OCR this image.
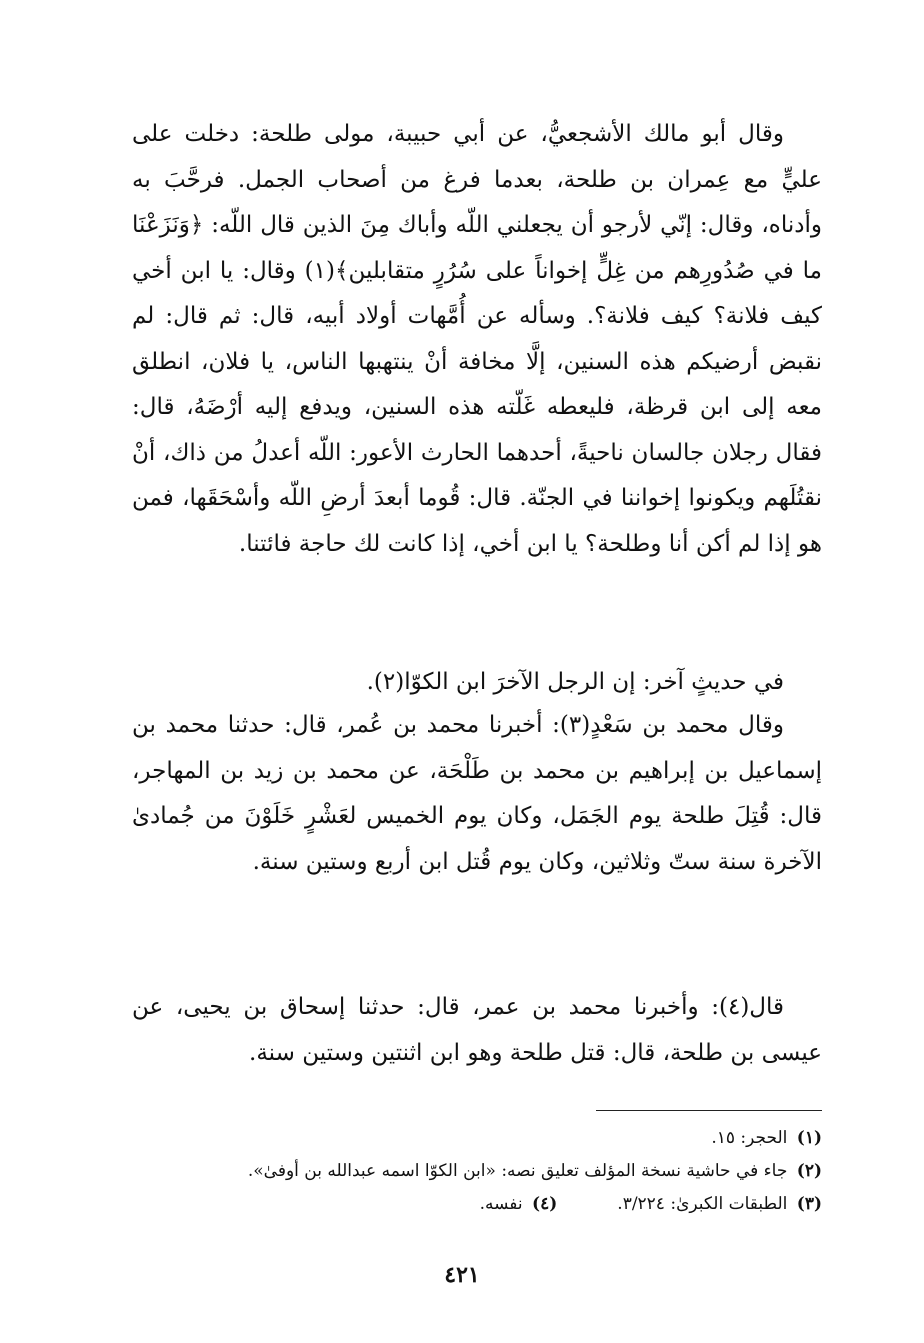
وقال أبو مالك الأشجعيُّ، عن أبي حبيبة، مولى طلحة: دخلت على عليٍّ مع عِمران بن طلحة، بعدما فرغ من أصحاب الجمل. فرحَّبَ به وأدناه، وقال: إنّي لأرجو أن يجعلني اللّه وأباك مِنَ الذين قال اللّه: ﴿وَنَزَعْنَا ما في صُدُورِهم من غِلٍّ إخواناً على سُرُرٍ متقابلين﴾(١) وقال: يا ابن أخي كيف فلانة؟ كيف فلانة؟. وسأله عن أُمَّهات أولاد أبيه، قال: ثم قال: لم نقبض أرضيكم هذه السنين، إلَّا مخافة أنْ ينتهبها الناس، يا فلان، انطلق معه إلى ابن قرظة، فليعطه غَلّته هذه السنين، ويدفع إليه أرْضَهُ، قال: فقال رجلان جالسان ناحيةً، أحدهما الحارث الأعور: اللّه أعدلُ من ذاك، أنْ نقتُلَهم ويكونوا إخواننا في الجنّة. قال: قُوما أبعدَ أرضِ اللّه وأسْحَقَها، فمن هو إذا لم أكن أنا وطلحة؟ يا ابن أخي، إذا كانت لك حاجة فائتنا.

في حديثٍ آخر: إن الرجل الآخرَ ابن الكوّا(٢).

وقال محمد بن سَعْدٍ(٣): أخبرنا محمد بن عُمر، قال: حدثنا محمد بن إسماعيل بن إبراهيم بن محمد بن طَلْحَة، عن محمد بن زيد بن المهاجر، قال: قُتِلَ طلحة يوم الجَمَل، وكان يوم الخميس لعَشْرٍ خَلَوْنَ من جُمادىٰ الآخرة سنة ستّ وثلاثين، وكان يوم قُتل ابن أربع وستين سنة.

قال(٤): وأخبرنا محمد بن عمر، قال: حدثنا إسحاق بن يحيى، عن عيسى بن طلحة، قال: قتل طلحة وهو ابن اثنتين وستين سنة.

(١) الحجر: ١٥.

(٢) جاء في حاشية نسخة المؤلف تعليق نصه: «ابن الكوّا اسمه عبدالله بن أوفىٰ».

(٣) الطبقات الكبرىٰ: ٣/٢٢٤.
(٤) نفسه.
٤٢١
